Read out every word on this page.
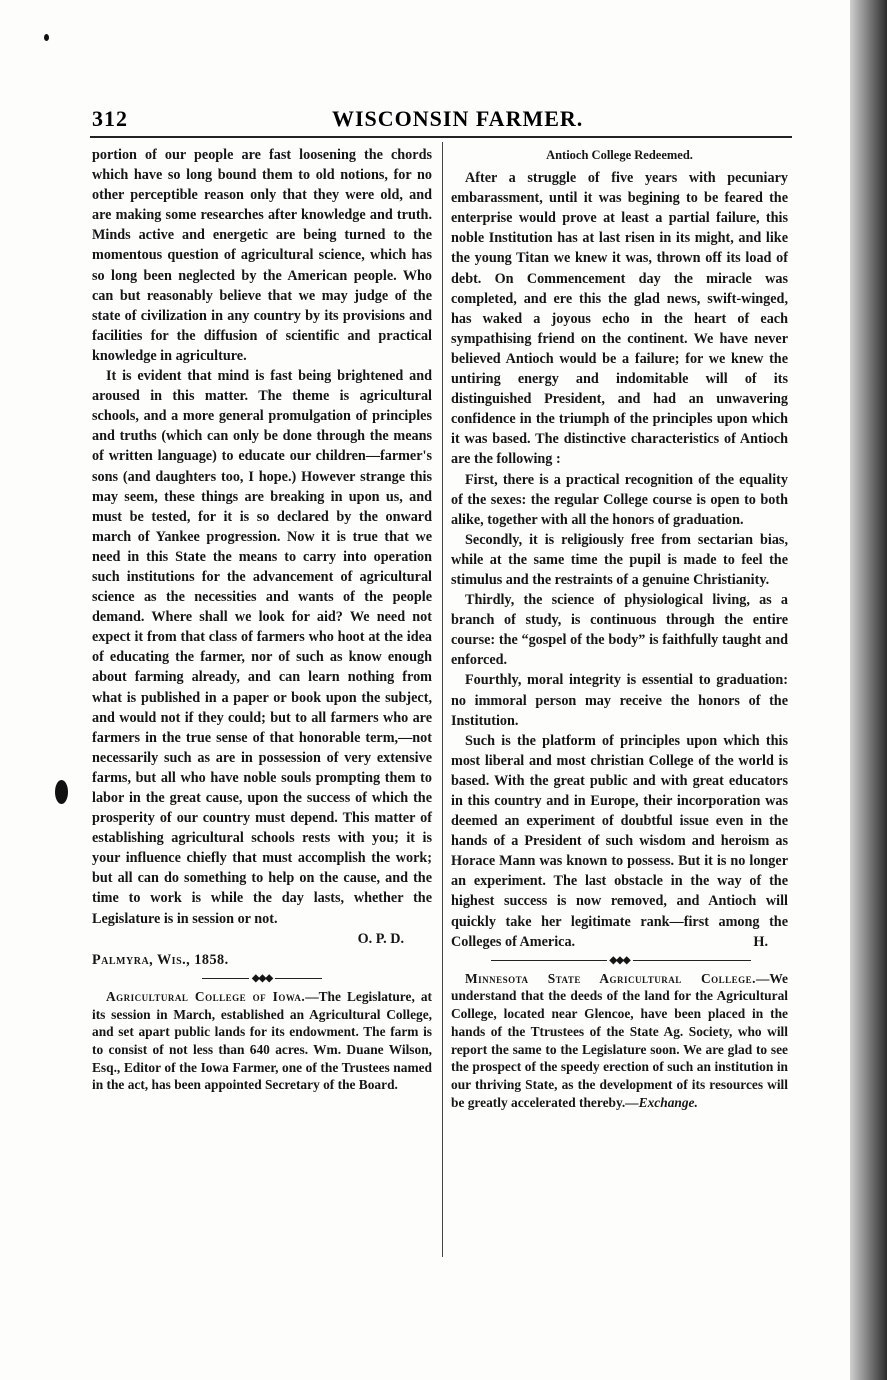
312	WISCONSIN FARMER.

portion of our people are fast loosening the chords which have so long bound them to old notions, for no other perceptible reason only that they were old, and are making some researches after knowledge and truth. Minds active and energetic are being turned to the momentous question of agricultural science, which has so long been neglected by the American people. Who can but reasonably believe that we may judge of the state of civilization in any country by its provisions and facilities for the diffusion of scientific and practical knowledge in agriculture.

It is evident that mind is fast being brightened and aroused in this matter. The theme is agricultural schools, and a more general promulgation of principles and truths (which can only be done through the means of written language) to educate our children—farmer's sons (and daughters too, I hope.) However strange this may seem, these things are breaking in upon us, and must be tested, for it is so declared by the onward march of Yankee progression. Now it is true that we need in this State the means to carry into operation such institutions for the advancement of agricultural science as the necessities and wants of the people demand. Where shall we look for aid? We need not expect it from that class of farmers who hoot at the idea of educating the farmer, nor of such as know enough about farming already, and can learn nothing from what is published in a paper or book upon the subject, and would not if they could; but to all farmers who are farmers in the true sense of that honorable term,—not necessarily such as are in possession of very extensive farms, but all who have noble souls prompting them to labor in the great cause, upon the success of which the prosperity of our country must depend. This matter of establishing agricultural schools rests with you; it is your influence chiefly that must accomplish the work; but all can do something to help on the cause, and the time to work is while the day lasts, whether the Legislature is in session or not.

O. P. D.

Palmyra, Wis., 1858.

◆◆◆

Agricultural College of Iowa.—The Legislature, at its session in March, established an Agricultural College, and set apart public lands for its endowment. The farm is to consist of not less than 640 acres. Wm. Duane Wilson, Esq., Editor of the Iowa Farmer, one of the Trustees named in the act, has been appointed Secretary of the Board.

Antioch College Redeemed.

After a struggle of five years with pecuniary embarassment, until it was begining to be feared the enterprise would prove at least a partial failure, this noble Institution has at last risen in its might, and like the young Titan we knew it was, thrown off its load of debt. On Commencement day the miracle was completed, and ere this the glad news, swift-winged, has waked a joyous echo in the heart of each sympathising friend on the continent. We have never believed Antioch would be a failure; for we knew the untiring energy and indomitable will of its distinguished President, and had an unwavering confidence in the triumph of the principles upon which it was based. The distinctive characteristics of Antioch are the following :

First, there is a practical recognition of the equality of the sexes: the regular College course is open to both alike, together with all the honors of graduation.

Secondly, it is religiously free from sectarian bias, while at the same time the pupil is made to feel the stimulus and the restraints of a genuine Christianity.

Thirdly, the science of physiological living, as a branch of study, is continuous through the entire course: the “gospel of the body” is faithfully taught and enforced.

Fourthly, moral integrity is essential to graduation: no immoral person may receive the honors of the Institution.

Such is the platform of principles upon which this most liberal and most christian College of the world is based. With the great public and with great educators in this country and in Europe, their incorporation was deemed an experiment of doubtful issue even in the hands of a President of such wisdom and heroism as Horace Mann was known to possess. But it is no longer an experiment. The last obstacle in the way of the highest success is now removed, and Antioch will quickly take her legitimate rank—first among the Colleges of America.	H.

◆◆◆

Minnesota State Agricultural College.—We understand that the deeds of the land for the Agricultural College, located near Glencoe, have been placed in the hands of the Ttrustees of the State Ag. Society, who will report the same to the Legislature soon. We are glad to see the prospect of the speedy erection of such an institution in our thriving State, as the development of its resources will be greatly accelerated thereby.—Exchange.
